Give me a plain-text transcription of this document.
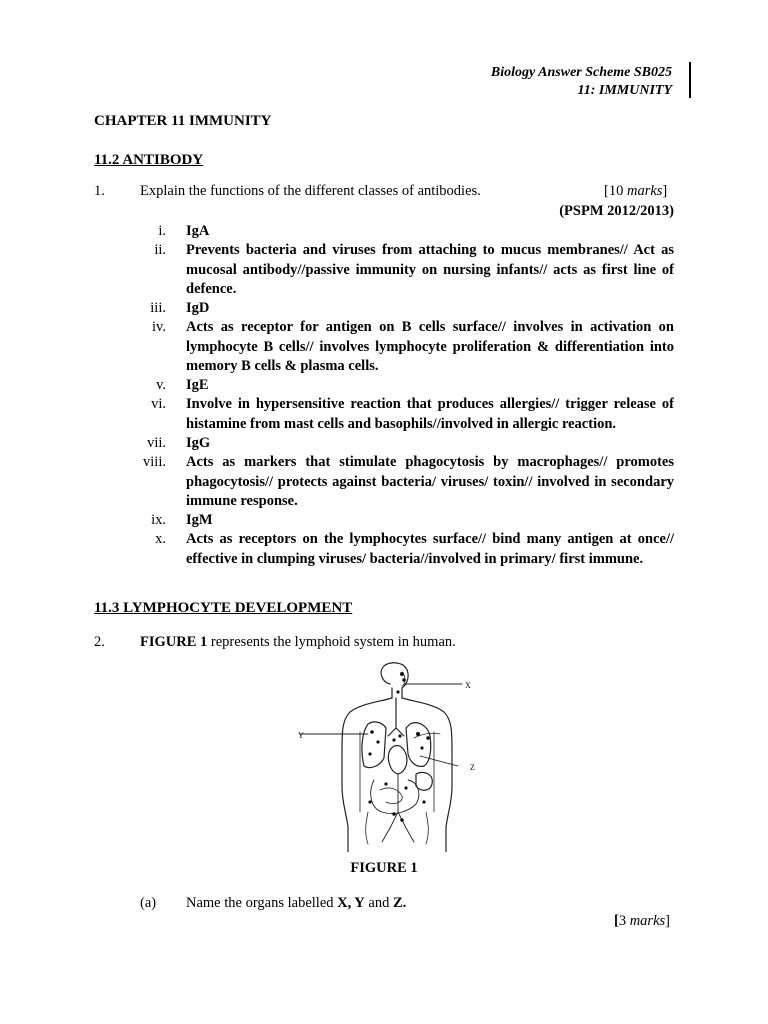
Biology Answer Scheme SB025
11: IMMUNITY
CHAPTER 11 IMMUNITY
11.2 ANTIBODY
1. Explain the functions of the different classes of antibodies.	[10 marks]
(PSPM 2012/2013)
i. IgA
ii. Prevents bacteria and viruses from attaching to mucus membranes// Act as mucosal antibody//passive immunity on nursing infants// acts as first line of defence.
iii. IgD
iv. Acts as receptor for antigen on B cells surface// involves in activation on lymphocyte B cells// involves lymphocyte proliferation & differentiation into memory B cells & plasma cells.
v. IgE
vi. Involve in hypersensitive reaction that produces allergies// trigger release of histamine from mast cells and basophils//involved in allergic reaction.
vii. IgG
viii. Acts as markers that stimulate phagocytosis by macrophages// promotes phagocytosis// protects against bacteria/ viruses/ toxin// involved in secondary immune response.
ix. IgM
x. Acts as receptors on the lymphocytes surface// bind many antigen at once// effective in clumping viruses/ bacteria//involved in primary/ first immune.
11.3 LYMPHOCYTE DEVELOPMENT
2. FIGURE 1 represents the lymphoid system in human.
X
Y
Z
FIGURE 1
(a) Name the organs labelled X, Y and Z.
[3 marks]
